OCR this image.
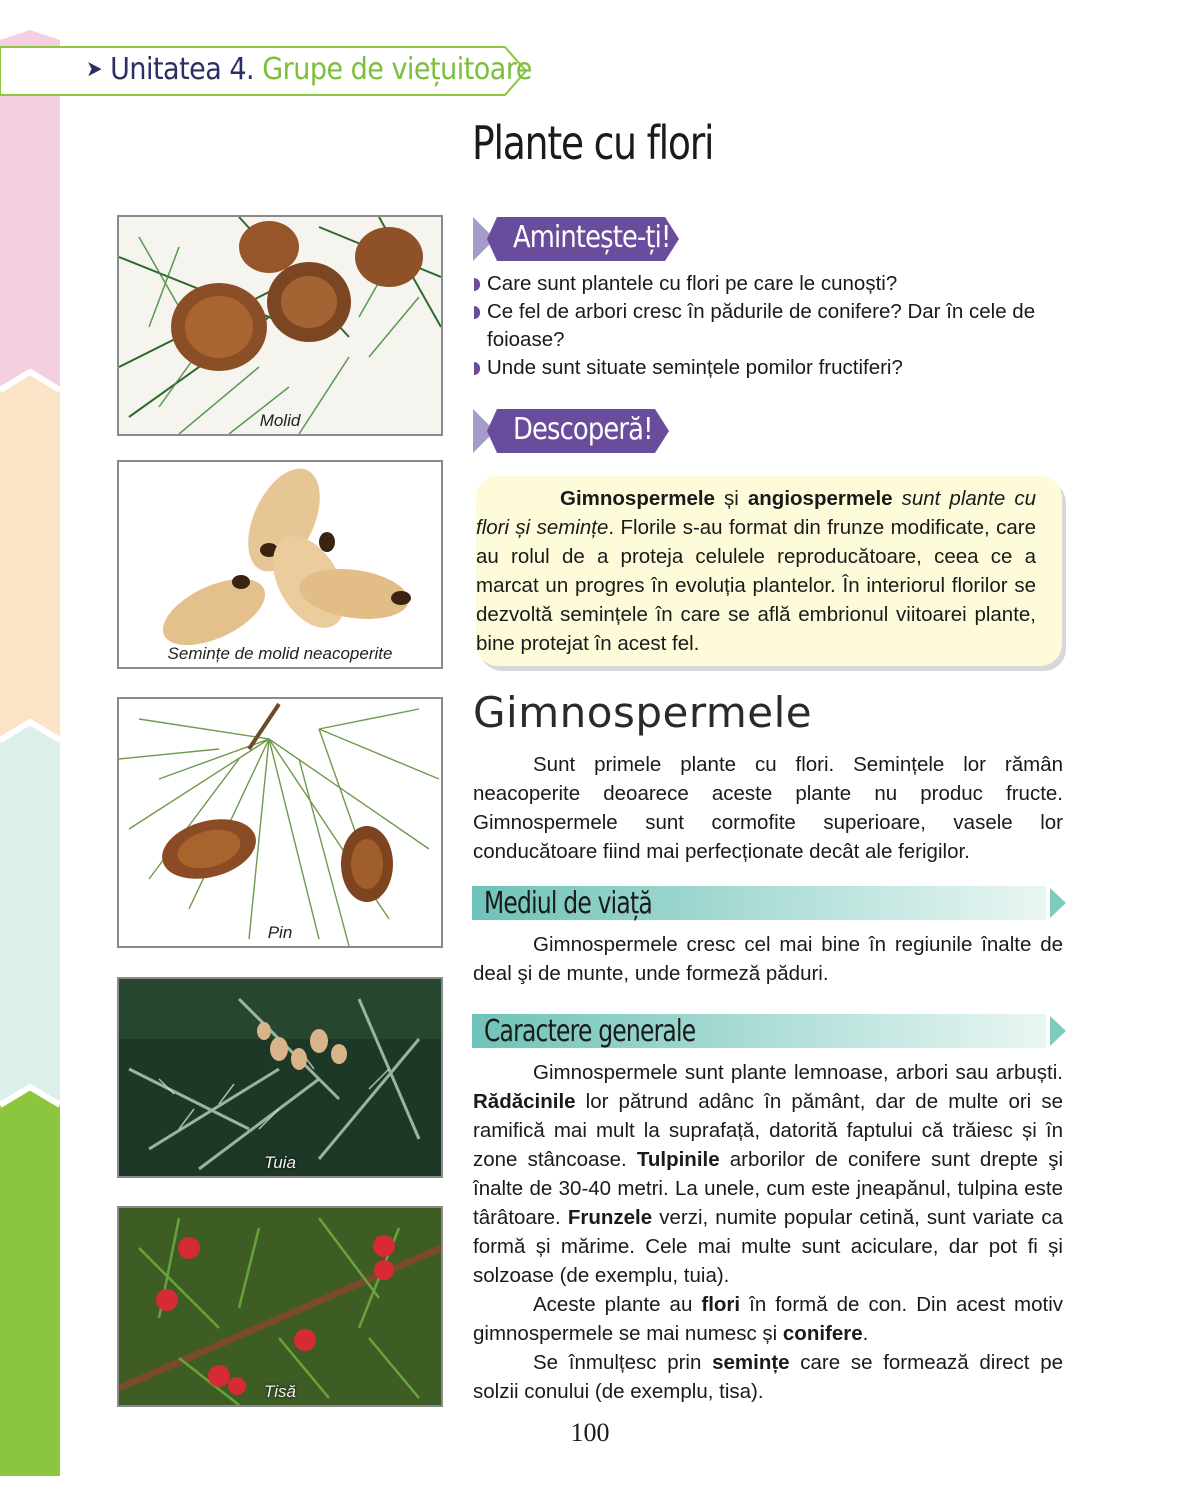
➤ Unitatea 4. Grupe de viețuitoare
Plante cu flori
Molid
Semințe de molid neacoperite
Pin
Tuia
Tisă
Amintește-ți!
Care sunt plantele cu flori pe care le cunoști?
Ce fel de arbori cresc în pădurile de conifere? Dar în cele de foioase?
Unde sunt situate semințele pomilor fructiferi?
Descoperă!

Gimnospermele și angiospermele sunt plante cu flori și semințe. Florile s-au format din frunze modificate, care au rolul de a proteja celulele reproducătoare, ceea ce a marcat un progres în evoluția plantelor. În interiorul florilor se dezvoltă semințele în care se află embrionul viitoarei plante, bine protejat în acest fel.

Gimnospermele

Sunt primele plante cu flori. Semințele lor rămân neacoperite deoarece aceste plante nu produc fructe. Gimnospermele sunt cormofite superioare, vasele lor conducătoare fiind mai perfecționate decât ale ferigilor.

Mediul de viață

Gimnospermele cresc cel mai bine în regiunile înalte de deal şi de munte, unde formeză păduri.

Caractere generale

Gimnospermele sunt plante lemnoase, arbori sau arbuști. Rădăcinile lor pătrund adânc în pământ, dar de multe ori se ramifică mai mult la suprafață, datorită faptului că trăiesc și în zone stâncoase. Tulpinile arborilor de conifere sunt drepte şi înalte de 30-40 metri. La unele, cum este jneapănul, tulpina este târâtoare. Frunzele verzi, numite popular cetină, sunt variate ca formă și mărime. Cele mai multe sunt aciculare, dar pot fi și solzoase (de exemplu, tuia).

Aceste plante au flori în formă de con. Din acest motiv gimnospermele se mai numesc și conifere.

Se înmulțesc prin semințe care se formează direct pe solzii conului (de exemplu, tisa).

100
